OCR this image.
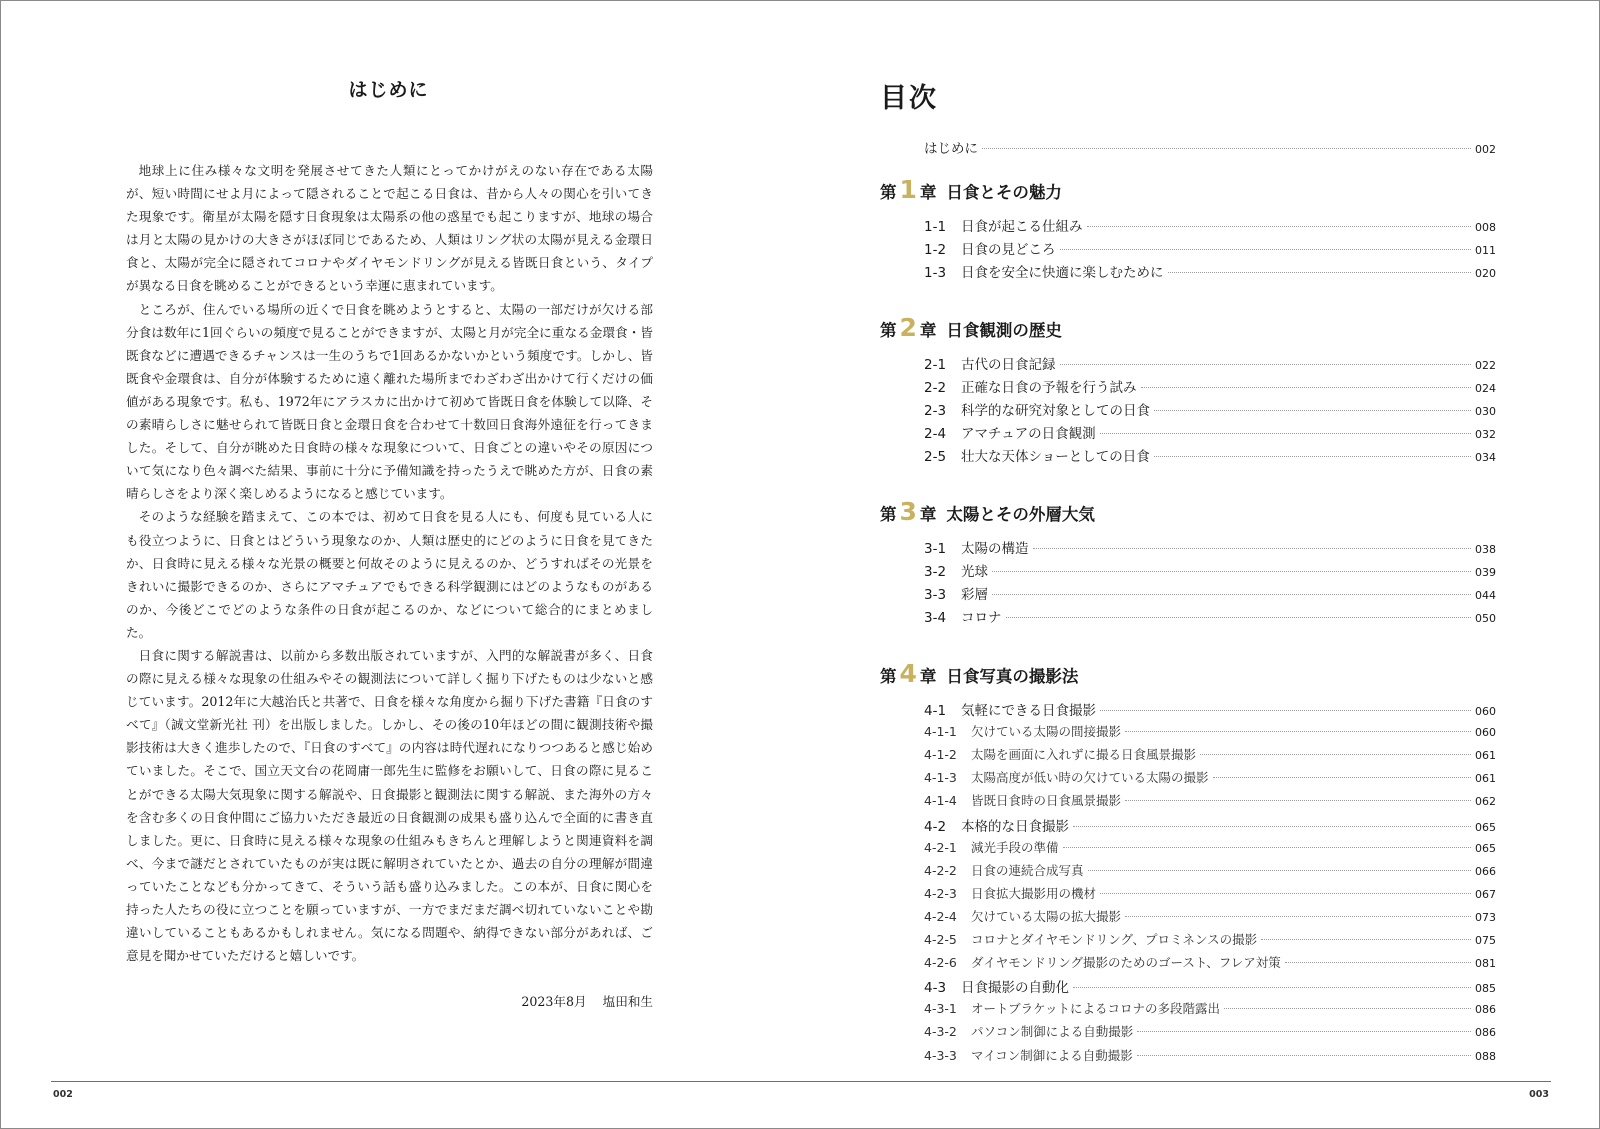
はじめに

地球上に住み様々な文明を発展させてきた人類にとってかけがえのない存在である太陽が、短い時間にせよ月によって隠されることで起こる日食は、昔から人々の関心を引いてきた現象です。衛星が太陽を隠す日食現象は太陽系の他の惑星でも起こりますが、地球の場合は月と太陽の見かけの大きさがほぼ同じであるため、人類はリング状の太陽が見える金環日食と、太陽が完全に隠されてコロナやダイヤモンドリングが見える皆既日食という、タイプが異なる日食を眺めることができるという幸運に恵まれています。

ところが、住んでいる場所の近くで日食を眺めようとすると、太陽の一部だけが欠ける部分食は数年に1回ぐらいの頻度で見ることができますが、太陽と月が完全に重なる金環食・皆既食などに遭遇できるチャンスは一生のうちで1回あるかないかという頻度です。しかし、皆既食や金環食は、自分が体験するために遠く離れた場所までわざわざ出かけて行くだけの価値がある現象です。私も、1972年にアラスカに出かけて初めて皆既日食を体験して以降、その素晴らしさに魅せられて皆既日食と金環日食を合わせて十数回日食海外遠征を行ってきました。そして、自分が眺めた日食時の様々な現象について、日食ごとの違いやその原因について気になり色々調べた結果、事前に十分に予備知識を持ったうえで眺めた方が、日食の素晴らしさをより深く楽しめるようになると感じています。

そのような経験を踏まえて、この本では、初めて日食を見る人にも、何度も見ている人にも役立つように、日食とはどういう現象なのか、人類は歴史的にどのように日食を見てきたか、日食時に見える様々な光景の概要と何故そのように見えるのか、どうすればその光景をきれいに撮影できるのか、さらにアマチュアでもできる科学観測にはどのようなものがあるのか、今後どこでどのような条件の日食が起こるのか、などについて総合的にまとめました。

日食に関する解説書は、以前から多数出版されていますが、入門的な解説書が多く、日食の際に見える様々な現象の仕組みやその観測法について詳しく掘り下げたものは少ないと感じています。2012年に大越治氏と共著で、日食を様々な角度から掘り下げた書籍『日食のすべて』（誠文堂新光社 刊）を出版しました。しかし、その後の10年ほどの間に観測技術や撮影技術は大きく進歩したので、『日食のすべて』の内容は時代遅れになりつつあると感じ始めていました。そこで、国立天文台の花岡庸一郎先生に監修をお願いして、日食の際に見ることができる太陽大気現象に関する解説や、日食撮影と観測法に関する解説、また海外の方々を含む多くの日食仲間にご協力いただき最近の日食観測の成果も盛り込んで全面的に書き直しました。更に、日食時に見える様々な現象の仕組みもきちんと理解しようと関連資料を調べ、今まで謎だとされていたものが実は既に解明されていたとか、過去の自分の理解が間違っていたことなども分かってきて、そういう話も盛り込みました。この本が、日食に関心を持った人たちの役に立つことを願っていますが、一方でまだまだ調べ切れていないことや勘違いしていることもあるかもしれません。気になる問題や、納得できない部分があれば、ご意見を聞かせていただけると嬉しいです。

2023年8月 塩田和生
目次
はじめに	002
第 1 章 日食とその魅力
1-1	日食が起こる仕組み	008
1-2	日食の見どころ	011
1-3	日食を安全に快適に楽しむために	020
第 2 章 日食観測の歴史
2-1	古代の日食記録	022
2-2	正確な日食の予報を行う試み	024
2-3	科学的な研究対象としての日食	030
2-4	アマチュアの日食観測	032
2-5	壮大な天体ショーとしての日食	034
第 3 章 太陽とその外層大気
3-1	太陽の構造	038
3-2	光球	039
3-3	彩層	044
3-4	コロナ	050
第 4 章 日食写真の撮影法
4-1	気軽にできる日食撮影	060
4-1-1	欠けている太陽の間接撮影	060
4-1-2	太陽を画面に入れずに撮る日食風景撮影	061
4-1-3	太陽高度が低い時の欠けている太陽の撮影	061
4-1-4	皆既日食時の日食風景撮影	062
4-2	本格的な日食撮影	065
4-2-1	減光手段の準備	065
4-2-2	日食の連続合成写真	066
4-2-3	日食拡大撮影用の機材	067
4-2-4	欠けている太陽の拡大撮影	073
4-2-5	コロナとダイヤモンドリング、プロミネンスの撮影	075
4-2-6	ダイヤモンドリング撮影のためのゴースト、フレア対策	081
4-3	日食撮影の自動化	085
4-3-1	オートブラケットによるコロナの多段階露出	086
4-3-2	パソコン制御による自動撮影	086
4-3-3	マイコン制御による自動撮影	088
002	003
